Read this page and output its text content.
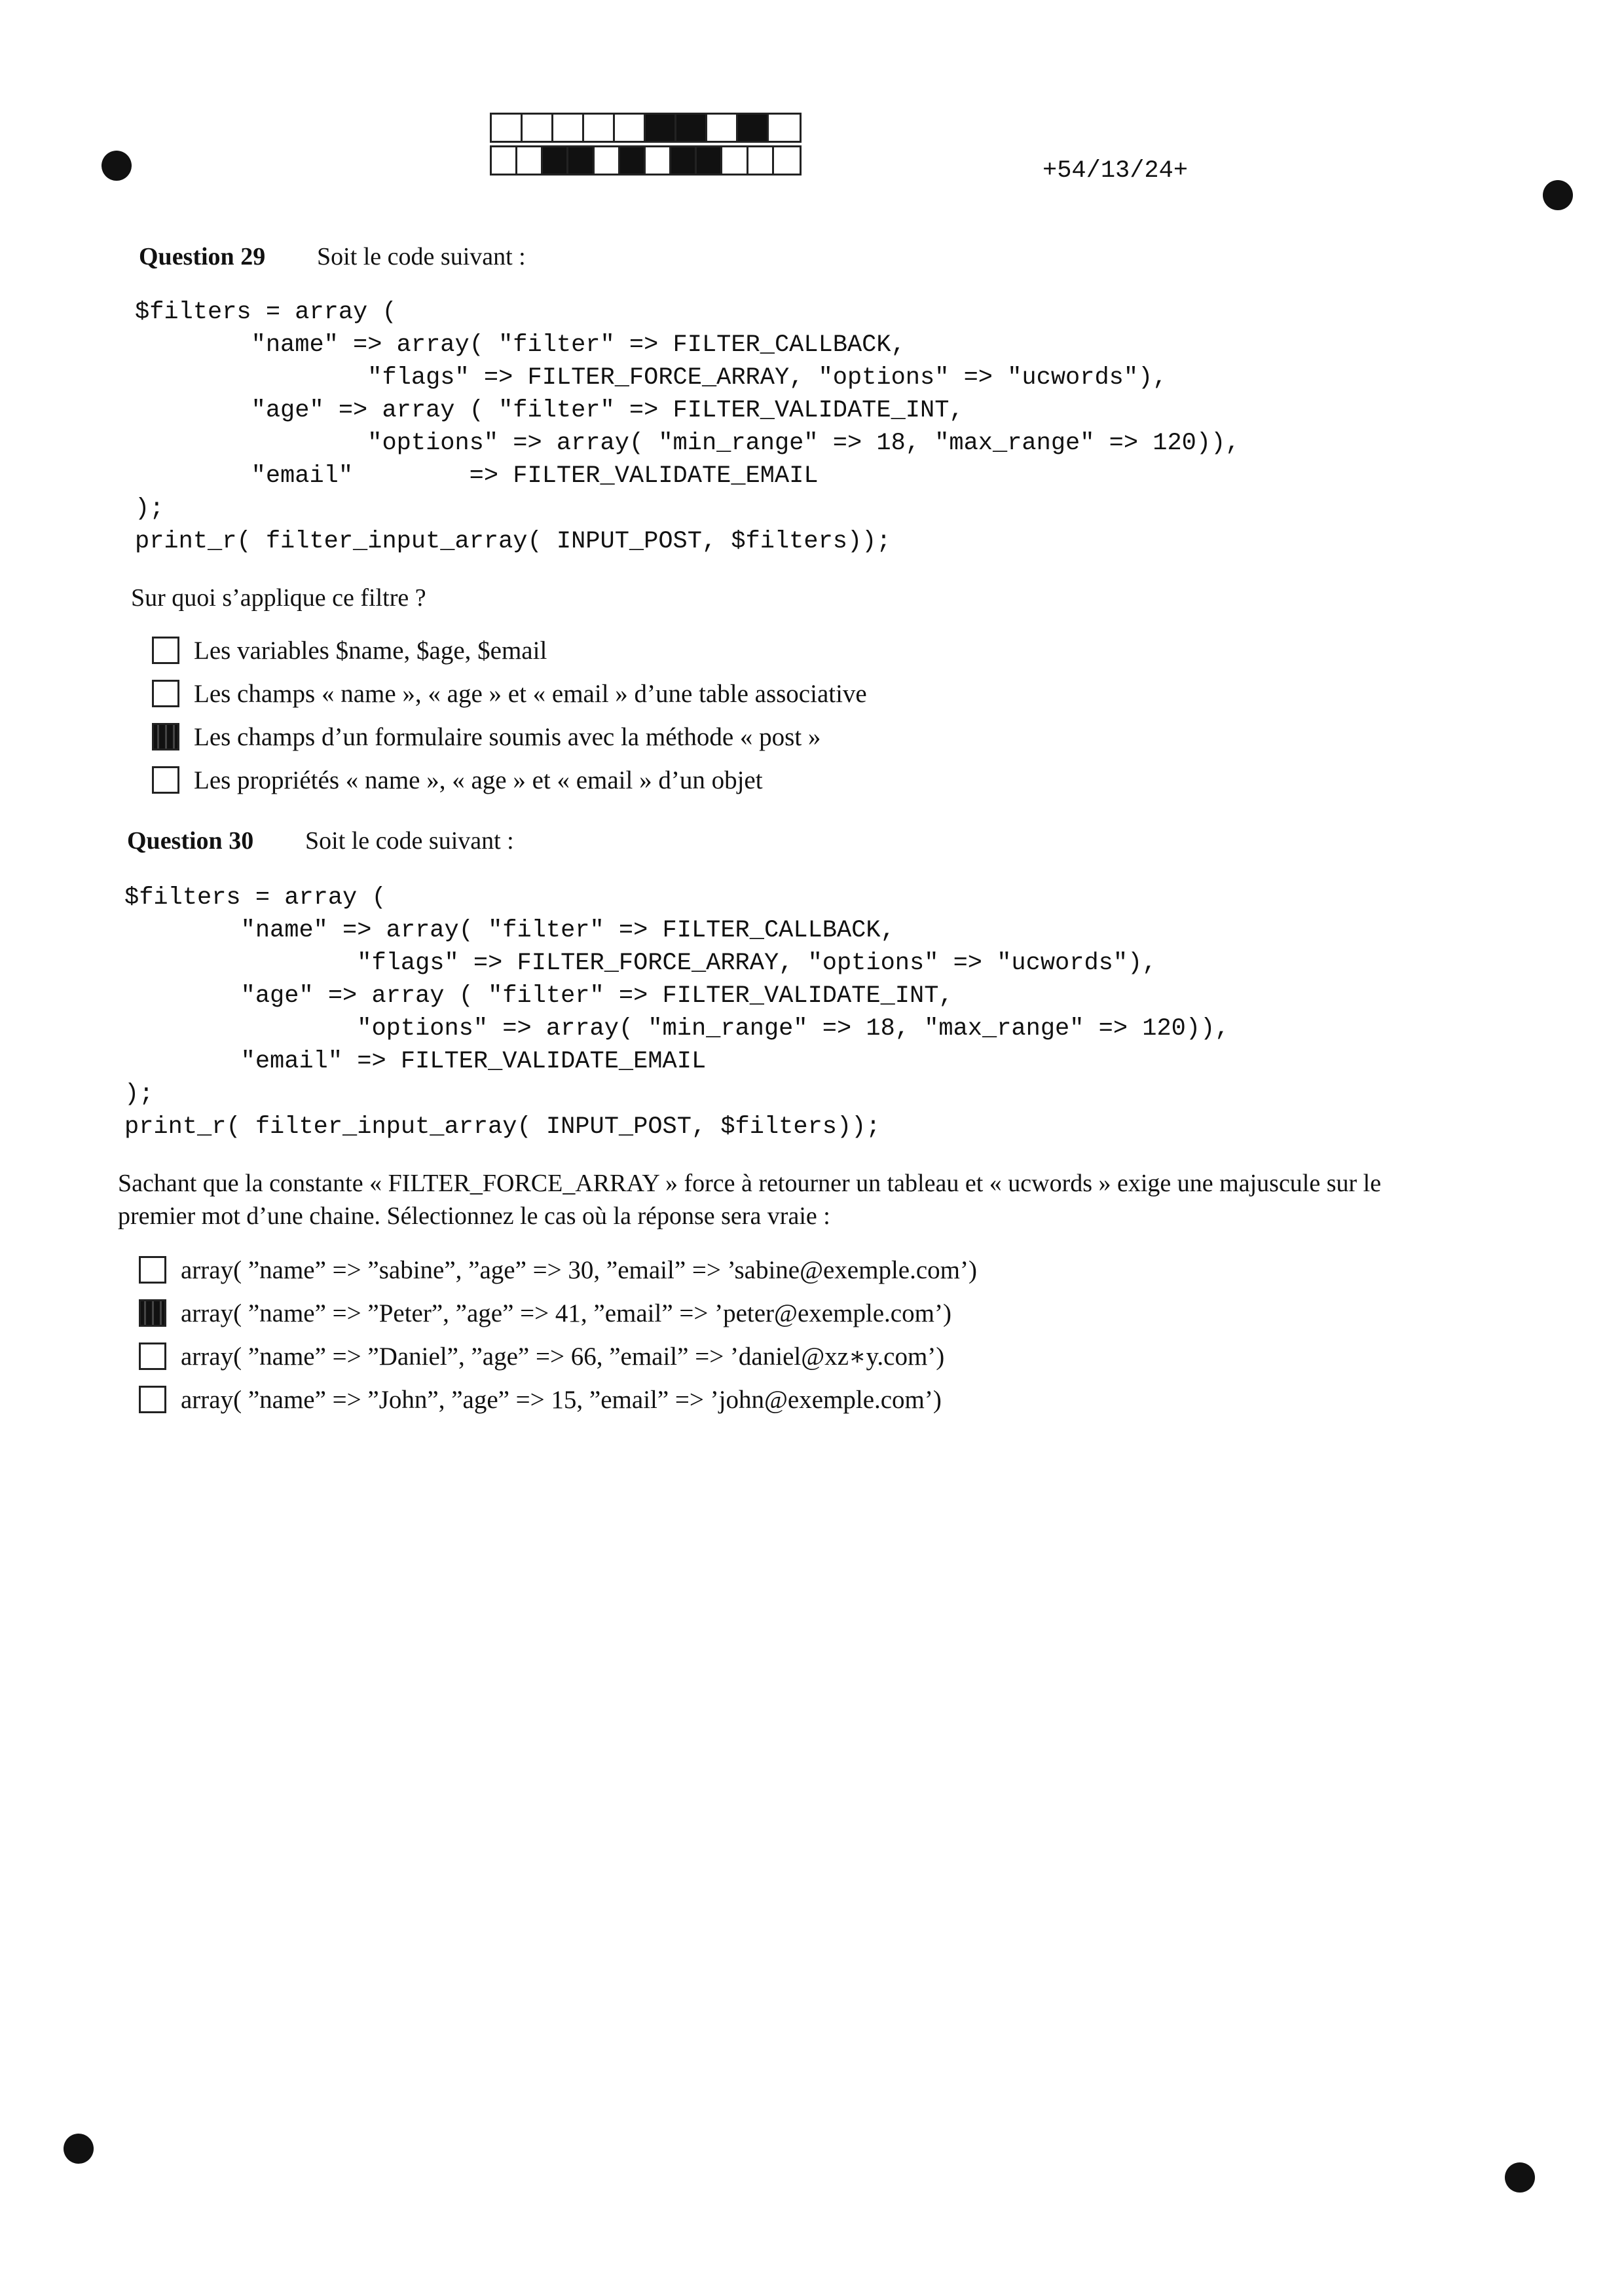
+54/13/24+
Question 29 Soit le code suivant :
$filters = array (
"name" => array( "filter" => FILTER_CALLBACK,
"flags" => FILTER_FORCE_ARRAY, "options" => "ucwords"),
"age" => array ( "filter" => FILTER_VALIDATE_INT,
"options" => array( "min_range" => 18, "max_range" => 120)),
"email"        => FILTER_VALIDATE_EMAIL
);
print_r( filter_input_array( INPUT_POST, $filters));
Sur quoi s’applique ce filtre ?
Les variables $name, $age, $email
Les champs « name », « age » et « email » d’une table associative
Les champs d’un formulaire soumis avec la méthode « post »
Les propriétés « name », « age » et « email » d’un objet
Question 30 Soit le code suivant :
$filters = array (
"name" => array( "filter" => FILTER_CALLBACK,
"flags" => FILTER_FORCE_ARRAY, "options" => "ucwords"),
"age" => array ( "filter" => FILTER_VALIDATE_INT,
"options" => array( "min_range" => 18, "max_range" => 120)),
"email" => FILTER_VALIDATE_EMAIL
);
print_r( filter_input_array( INPUT_POST, $filters));
Sachant que la constante « FILTER_FORCE_ARRAY » force à retourner un tableau et « ucwords » exige une majuscule sur le
premier mot d’une chaine. Sélectionnez le cas où la réponse sera vraie :
array( ”name” => ”sabine”, ”age” => 30, ”email” => ’sabine@exemple.com’)
array( ”name” => ”Peter”, ”age” => 41, ”email” => ’peter@exemple.com’)
array( ”name” => ”Daniel”, ”age” => 66, ”email” => ’daniel@xz∗y.com’)
array( ”name” => ”John”, ”age” => 15, ”email” => ’john@exemple.com’)
